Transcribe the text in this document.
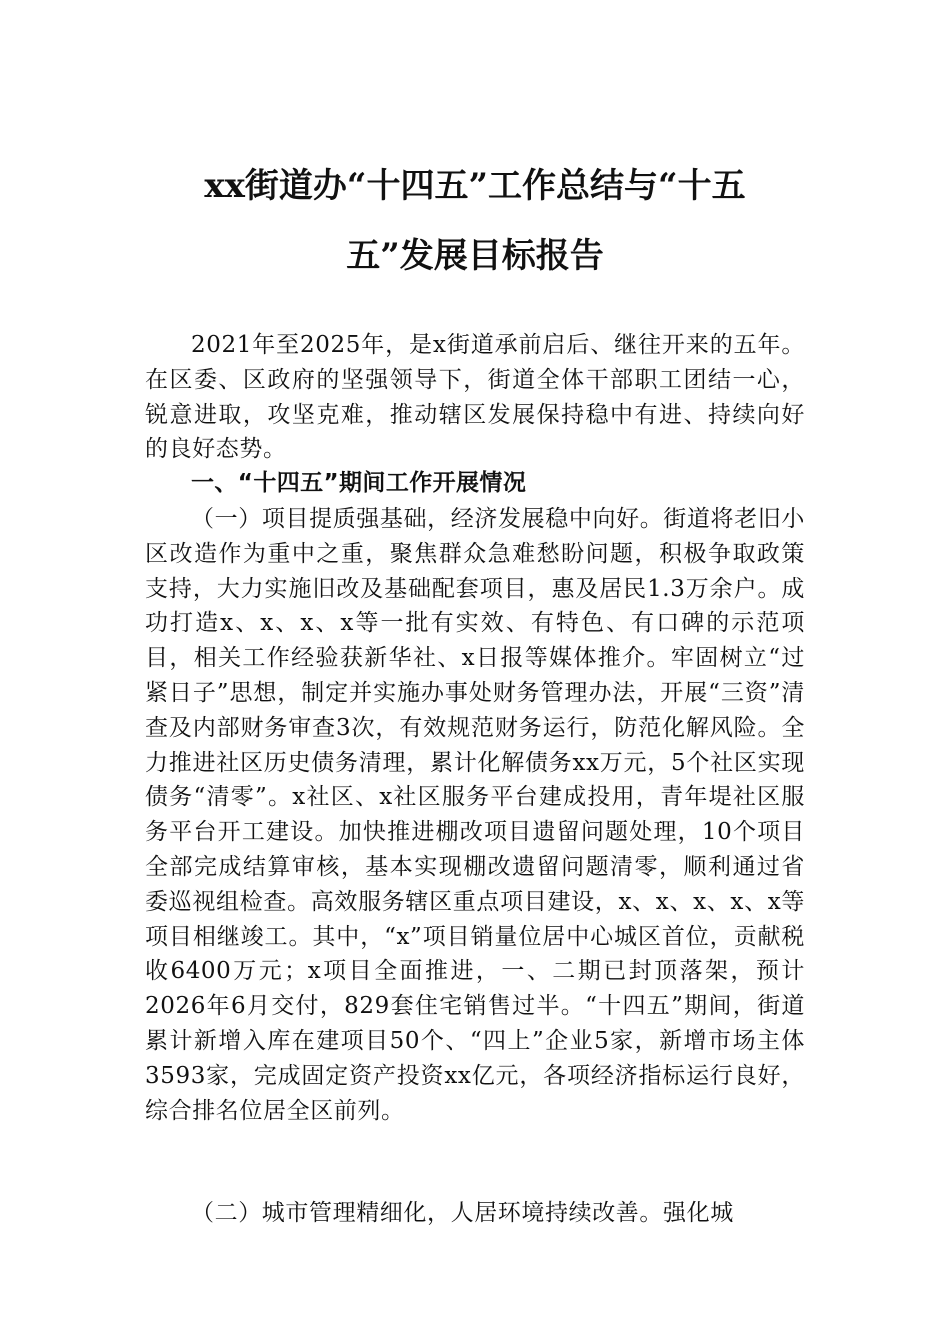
xx街道办“十四五”工作总结与“十五
五”发展目标报告
2021年至2025年，是x街道承前启后、继往开来的五年。在区委、区政府的坚强领导下，街道全体干部职工团结一心，锐意进取，攻坚克难，推动辖区发展保持稳中有进、持续向好的良好态势。
一、“十四五”期间工作开展情况
（一）项目提质强基础，经济发展稳中向好。街道将老旧小区改造作为重中之重，聚焦群众急难愁盼问题，积极争取政策支持，大力实施旧改及基础配套项目，惠及居民1.3万余户。成功打造x、x、x、x等一批有实效、有特色、有口碑的示范项目，相关工作经验获新华社、x日报等媒体推介。牢固树立“过紧日子”思想，制定并实施办事处财务管理办法，开展“三资”清查及内部财务审查3次，有效规范财务运行，防范化解风险。全力推进社区历史债务清理，累计化解债务xx万元，5个社区实现债务“清零”。x社区、x社区服务平台建成投用，青年堤社区服务平台开工建设。加快推进棚改项目遗留问题处理，10个项目全部完成结算审核，基本实现棚改遗留问题清零，顺利通过省委巡视组检查。高效服务辖区重点项目建设，x、x、x、x、x等项目相继竣工。其中，“x”项目销量位居中心城区首位，贡献税收6400万元；x项目全面推进，一、二期已封顶落架，预计2026年6月交付，829套住宅销售过半。“十四五”期间，街道累计新增入库在建项目50个、“四上”企业5家，新增市场主体3593家，完成固定资产投资xx亿元，各项经济指标运行良好，综合排名位居全区前列。
（二）城市管理精细化，人居环境持续改善。强化城
